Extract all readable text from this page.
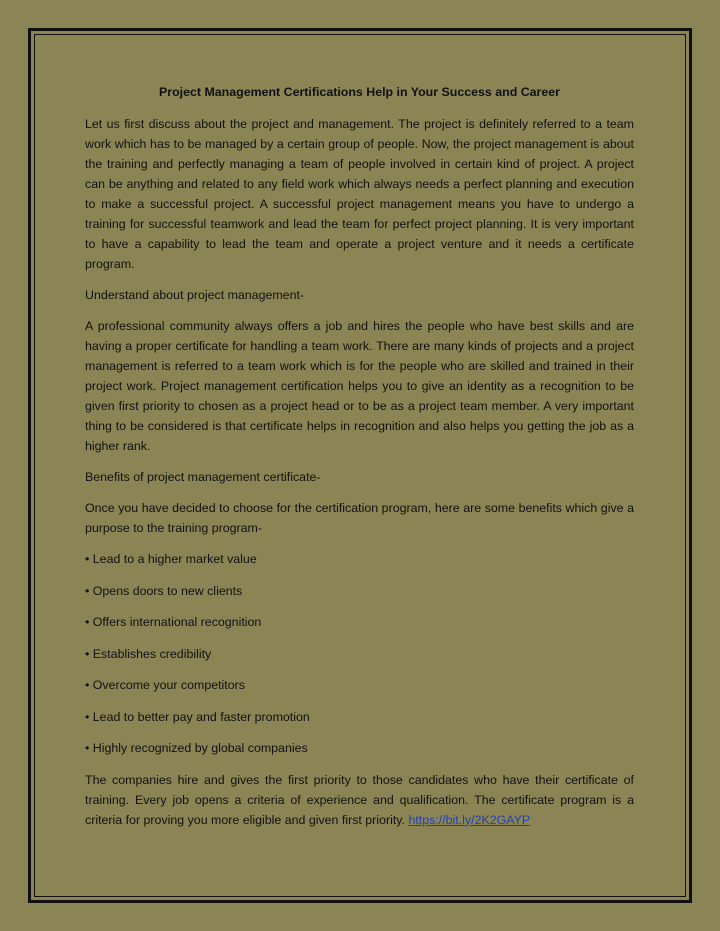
Project Management Certifications Help in Your Success and Career

Let us first discuss about the project and management. The project is definitely referred to a team work which has to be managed by a certain group of people. Now, the project management is about the training and perfectly managing a team of people involved in certain kind of project. A project can be anything and related to any field work which always needs a perfect planning and execution to make a successful project. A successful project management means you have to undergo a training for successful teamwork and lead the team for perfect project planning. It is very important to have a capability to lead the team and operate a project venture and it needs a certificate program.

Understand about project management-

A professional community always offers a job and hires the people who have best skills and are having a proper certificate for handling a team work. There are many kinds of projects and a project management is referred to a team work which is for the people who are skilled and trained in their project work. Project management certification helps you to give an identity as a recognition to be given first priority to chosen as a project head or to be as a project team member. A very important thing to be considered is that certificate helps in recognition and also helps you getting the job as a higher rank.

Benefits of project management certificate-

Once you have decided to choose for the certification program, here are some benefits which give a purpose to the training program-

• Lead to a higher market value

• Opens doors to new clients

• Offers international recognition

• Establishes credibility

• Overcome your competitors

• Lead to better pay and faster promotion

• Highly recognized by global companies

The companies hire and gives the first priority to those candidates who have their certificate of training. Every job opens a criteria of experience and qualification. The certificate program is a criteria for proving you more eligible and given first priority. https://bit.ly/2K2GAYP
